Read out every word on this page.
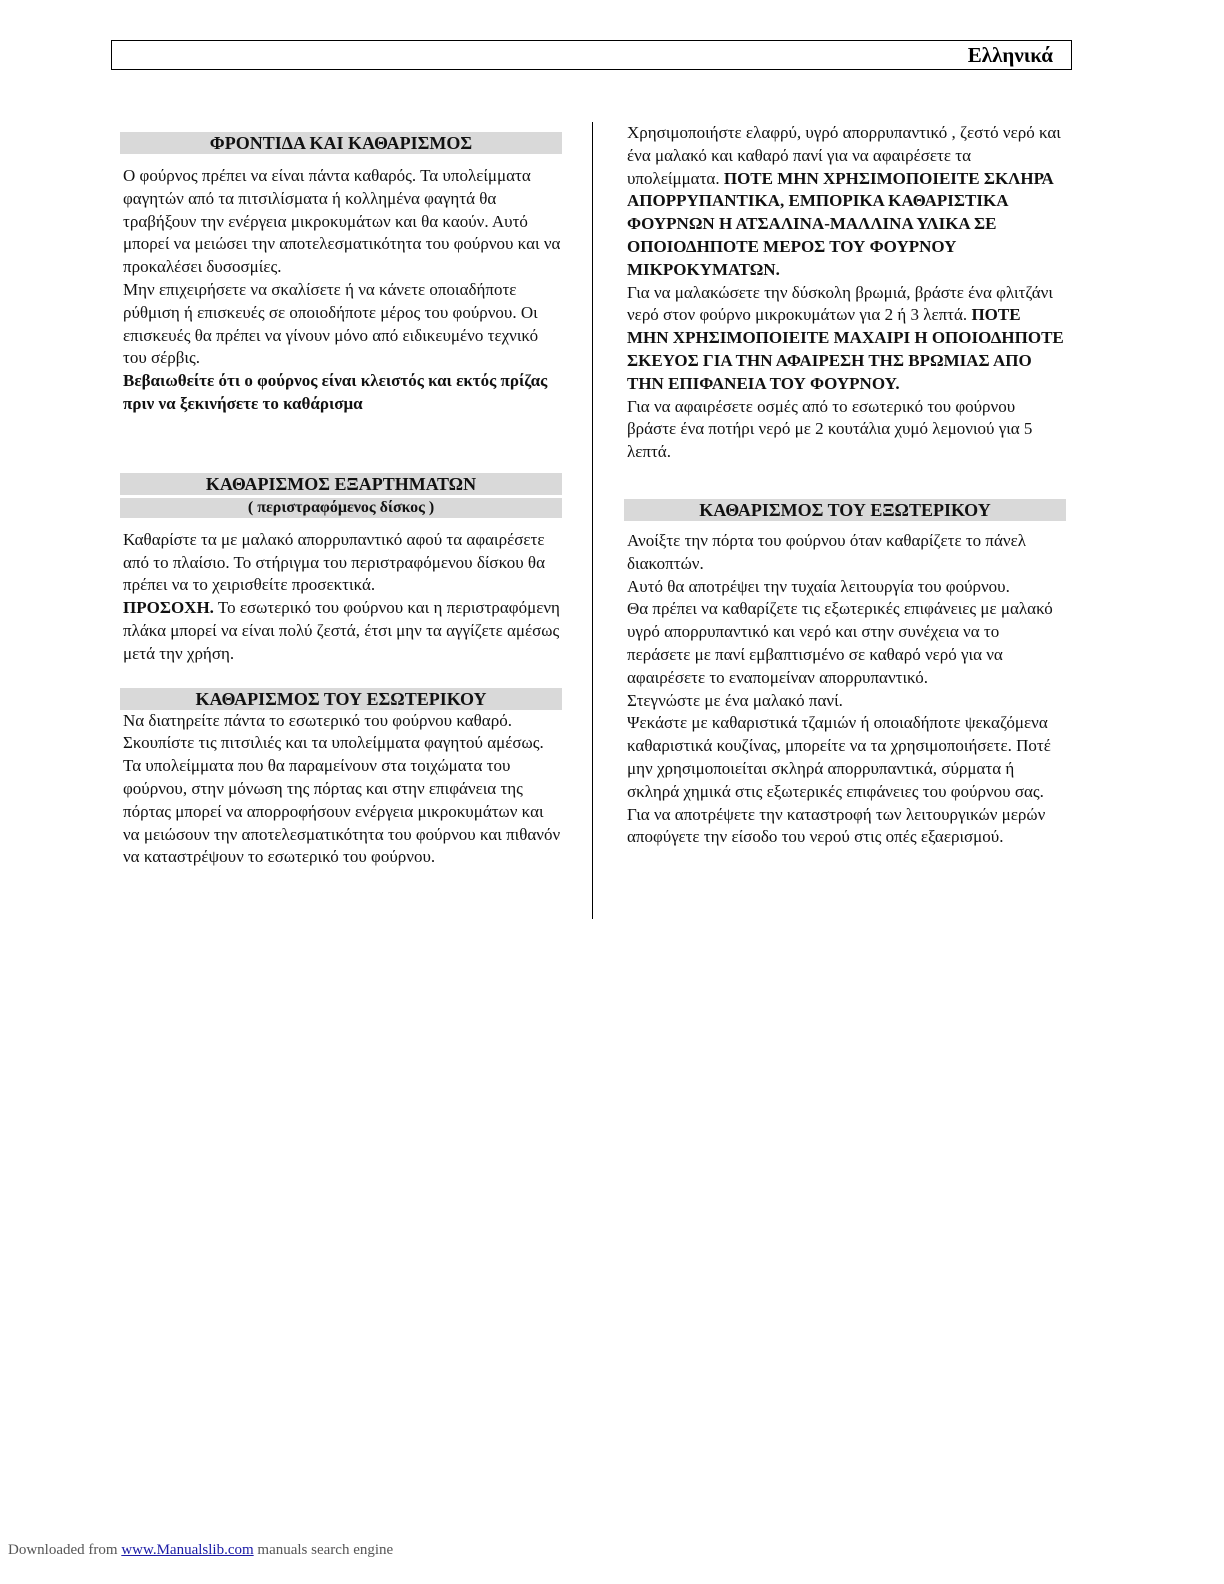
Ελληνικά
ΦΡΟΝΤΙΔΑ ΚΑΙ ΚΑΘΑΡΙΣΜΟΣ

Ο φούρνος πρέπει να είναι πάντα καθαρός. Τα υπολείμματα φαγητών από τα πιτσιλίσματα ή κολλημένα φαγητά θα τραβήξουν την ενέργεια μικροκυμάτων και θα καούν. Αυτό μπορεί να μειώσει την αποτελεσματικότητα του φούρνου και να προκαλέσει δυσοσμίες.

Μην επιχειρήσετε να σκαλίσετε ή να κάνετε οποιαδήποτε ρύθμιση ή επισκευές σε οποιοδήποτε μέρος του φούρνου. Οι επισκευές θα πρέπει να γίνουν μόνο από ειδικευμένο τεχνικό του σέρβις.

Βεβαιωθείτε ότι ο φούρνος είναι κλειστός και εκτός πρίζας πριν να ξεκινήσετε το καθάρισμα

ΚΑΘΑΡΙΣΜΟΣ ΕΞΑΡΤΗΜΑΤΩΝ
( περιστραφόμενος δίσκος )

Καθαρίστε τα με μαλακό απορρυπαντικό αφού τα αφαιρέσετε από το πλαίσιο. Το στήριγμα του περιστραφόμενου δίσκου θα πρέπει να το χειρισθείτε προσεκτικά.

ΠΡΟΣΟΧΗ. Το εσωτερικό του φούρνου και η περιστραφόμενη πλάκα μπορεί να είναι πολύ ζεστά, έτσι μην τα αγγίζετε αμέσως μετά την χρήση.

ΚΑΘΑΡΙΣΜΟΣ ΤΟΥ ΕΣΩΤΕΡΙΚΟΥ

Να διατηρείτε πάντα το εσωτερικό του φούρνου καθαρό. Σκουπίστε τις πιτσιλιές και τα υπολείμματα φαγητού αμέσως. Τα υπολείμματα που θα παραμείνουν στα τοιχώματα του φούρνου, στην μόνωση της πόρτας και στην επιφάνεια της πόρτας μπορεί να απορροφήσουν ενέργεια μικροκυμάτων και να μειώσουν την αποτελεσματικότητα του φούρνου και πιθανόν να καταστρέψουν το εσωτερικό του φούρνου.

Χρησιμοποιήστε ελαφρύ, υγρό απορρυπαντικό , ζεστό νερό και ένα μαλακό και καθαρό πανί για να αφαιρέσετε τα υπολείμματα. ΠΟΤΕ ΜΗΝ ΧΡΗΣΙΜΟΠΟΙΕΙΤΕ ΣΚΛΗΡΑ ΑΠΟΡΡΥΠΑΝΤΙΚΑ, ΕΜΠΟΡΙΚΑ ΚΑΘΑΡΙΣΤΙΚΑ ΦΟΥΡΝΩΝ Η ΑΤΣΑΛΙΝΑ-ΜΑΛΛΙΝΑ ΥΛΙΚΑ ΣΕ ΟΠΟΙΟΔΗΠΟΤΕ ΜΕΡΟΣ ΤΟΥ ΦΟΥΡΝΟΥ ΜΙΚΡΟΚΥΜΑΤΩΝ.

Για να μαλακώσετε την δύσκολη βρωμιά, βράστε ένα φλιτζάνι νερό στον φούρνο μικροκυμάτων για 2 ή 3 λεπτά. ΠΟΤΕ ΜΗΝ ΧΡΗΣΙΜΟΠΟΙΕΙΤΕ ΜΑΧΑΙΡΙ Η ΟΠΟΙΟΔΗΠΟΤΕ ΣΚΕΥΟΣ ΓΙΑ ΤΗΝ ΑΦΑΙΡΕΣΗ ΤΗΣ ΒΡΩΜΙΑΣ ΑΠΟ ΤΗΝ ΕΠΙΦΑΝΕΙΑ ΤΟΥ ΦΟΥΡΝΟΥ.

Για να αφαιρέσετε οσμές από το εσωτερικό του φούρνου βράστε ένα ποτήρι νερό με 2 κουτάλια χυμό λεμονιού για 5 λεπτά.

ΚΑΘΑΡΙΣΜΟΣ ΤΟΥ ΕΞΩΤΕΡΙΚΟΥ

Ανοίξτε την πόρτα του φούρνου όταν καθαρίζετε το πάνελ διακοπτών.

Αυτό θα αποτρέψει την τυχαία λειτουργία του φούρνου.

Θα πρέπει να καθαρίζετε τις εξωτερικές επιφάνειες με μαλακό υγρό απορρυπαντικό και νερό και στην συνέχεια να το περάσετε με πανί εμβαπτισμένο σε καθαρό νερό για να αφαιρέσετε το εναπομείναν απορρυπαντικό.

Στεγνώστε με ένα μαλακό πανί.

Ψεκάστε με καθαριστικά τζαμιών ή οποιαδήποτε ψεκαζόμενα καθαριστικά κουζίνας, μπορείτε να τα χρησιμοποιήσετε. Ποτέ μην χρησιμοποιείται σκληρά απορρυπαντικά, σύρματα ή σκληρά χημικά στις εξωτερικές επιφάνειες του φούρνου σας. Για να αποτρέψετε την καταστροφή των λειτουργικών μερών αποφύγετε την είσοδο του νερού στις οπές εξαερισμού.

Downloaded from www.Manualslib.com manuals search engine
